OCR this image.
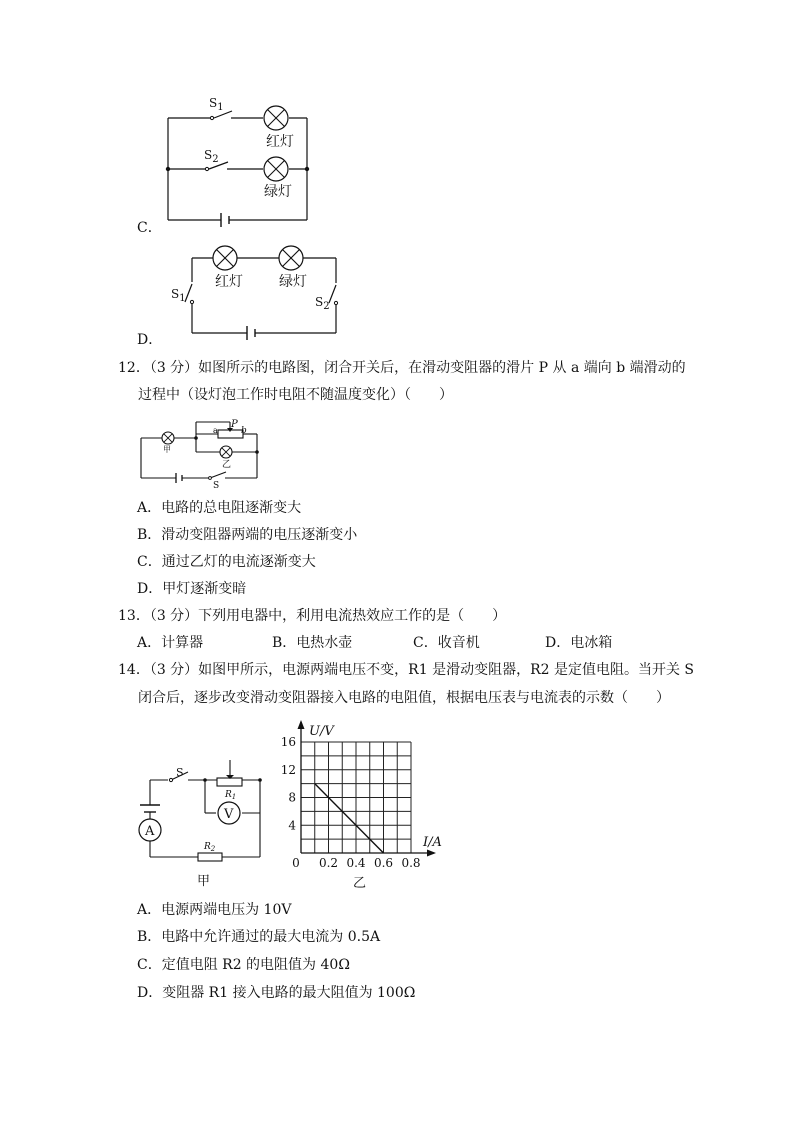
$S_1$
$S_2$
红灯
绿灯
C．
红灯	绿灯
$S_1$	$S_2$
D．
12．（3 分）如图所示的电路图，闭合开关后，在滑动变阻器的滑片 P 从 a 端向 b 端滑动的
过程中（设灯泡工作时电阻不随温度变化）（　　）
P
a	b
甲
乙
S
A．电路的总电阻逐渐变大
B．滑动变阻器两端的电压逐渐变小
C．通过乙灯的电流逐渐变大
D．甲灯逐渐变暗
13．（3 分）下列用电器中，利用电流热效应工作的是（　　）
A．计算器	B．电热水壶	C．收音机	D．电冰箱
14．（3 分）如图甲所示，电源两端电压不变，R1 是滑动变阻器，R2 是定值电阻。当开关 S
闭合后，逐步改变滑动变阻器接入电路的电阻值，根据电压表与电流表的示数（　　）
V
A
S
$R_1$
$R_2$
甲
4
8
12
16
0 0.2 0.4 0.6 0.8
U/V
I/A
乙
A．电源两端电压为 10V
B．电路中允许通过的最大电流为 0.5A
C．定值电阻 R2 的电阻值为 40Ω
D．变阻器 R1 接入电路的最大阻值为 100Ω
